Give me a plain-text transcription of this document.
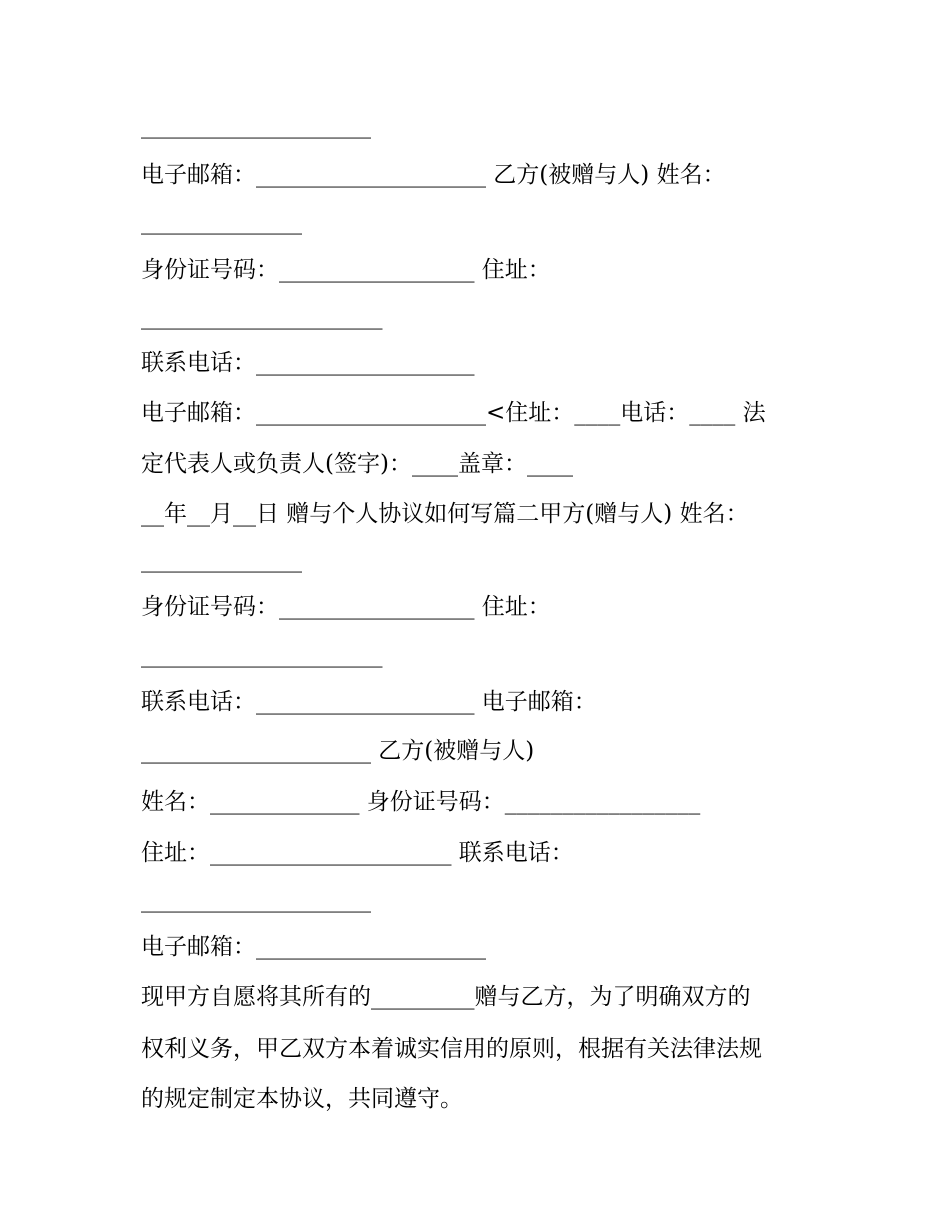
____________________
电子邮箱：____________________ 乙方(被赠与人) 姓名：
______________
身份证号码：_________________ 住址：
_____________________
联系电话：___________________
电子邮箱：____________________<住址：____电话：____ 法
定代表人或负责人(签字)：____盖章：____
__年__月__日 赠与个人协议如何写篇二甲方(赠与人) 姓名：
______________
身份证号码：_________________ 住址：
_____________________
联系电话：___________________ 电子邮箱：
____________________ 乙方(被赠与人)
姓名：_____________ 身份证号码：_________________
住址：_____________________ 联系电话：
____________________
电子邮箱：____________________
现甲方自愿将其所有的_________赠与乙方，为了明确双方的
权利义务，甲乙双方本着诚实信用的原则，根据有关法律法规
的规定制定本协议，共同遵守。
